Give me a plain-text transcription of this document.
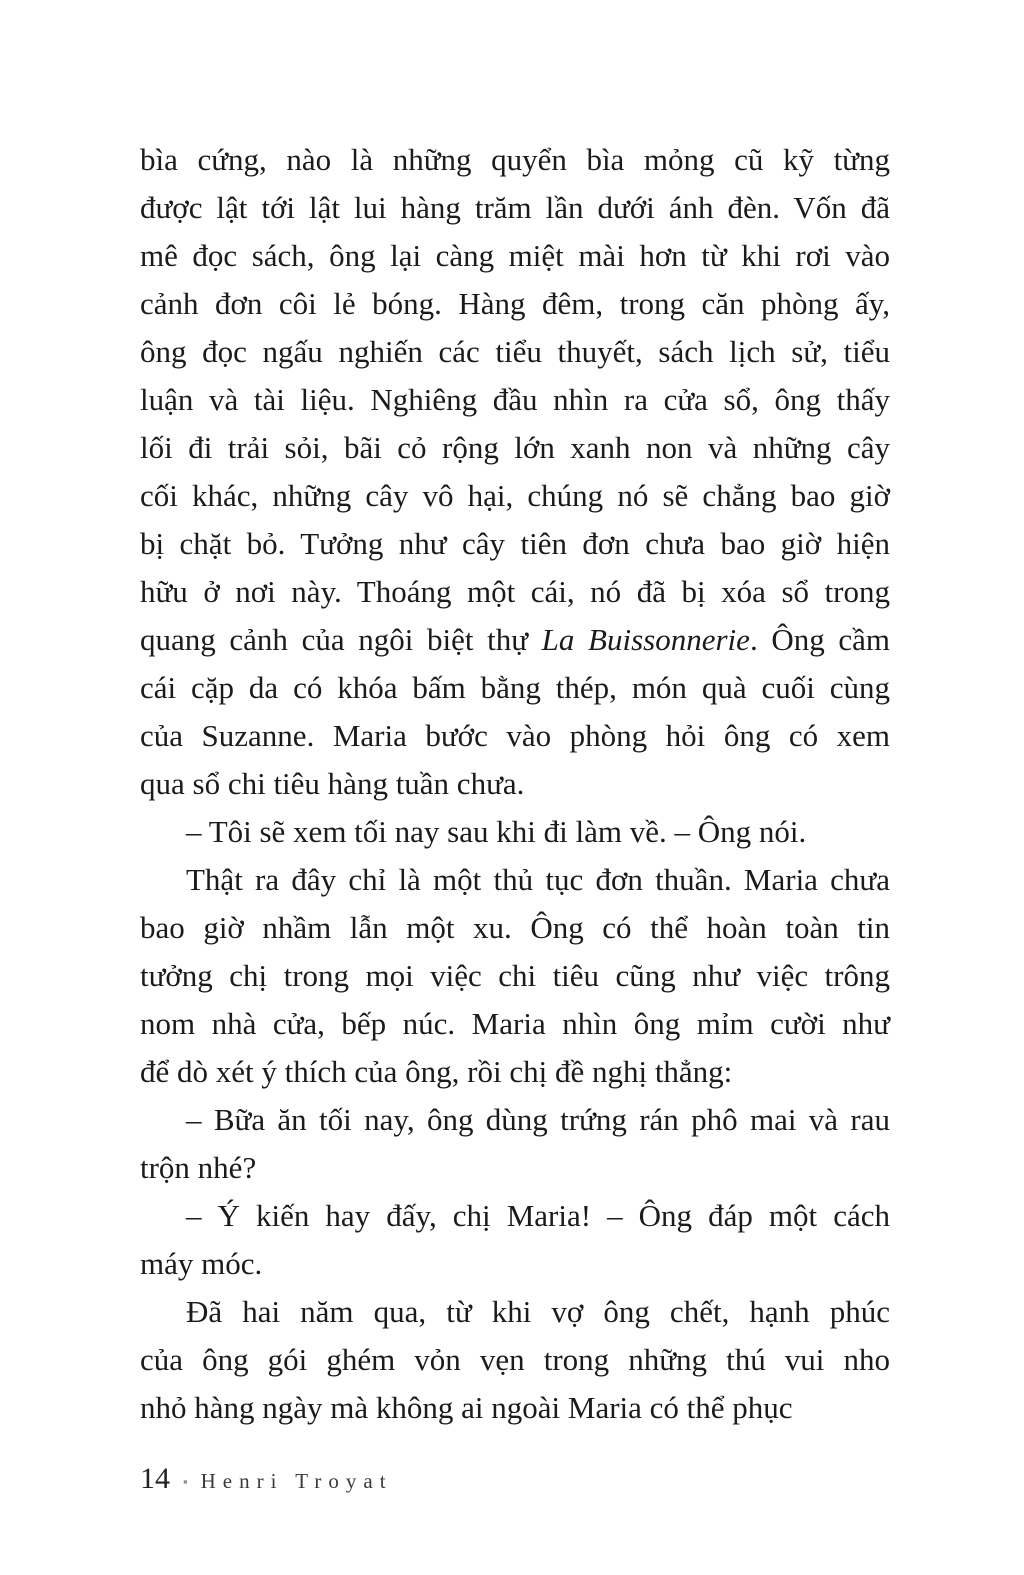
bìa cứng, nào là những quyển bìa mỏng cũ kỹ từng
được lật tới lật lui hàng trăm lần dưới ánh đèn. Vốn đã
mê đọc sách, ông lại càng miệt mài hơn từ khi rơi vào
cảnh đơn côi lẻ bóng. Hàng đêm, trong căn phòng ấy,
ông đọc ngấu nghiến các tiểu thuyết, sách lịch sử, tiểu
luận và tài liệu. Nghiêng đầu nhìn ra cửa sổ, ông thấy
lối đi trải sỏi, bãi cỏ rộng lớn xanh non và những cây
cối khác, những cây vô hại, chúng nó sẽ chẳng bao giờ
bị chặt bỏ. Tưởng như cây tiên đơn chưa bao giờ hiện
hữu ở nơi này. Thoáng một cái, nó đã bị xóa sổ trong
quang cảnh của ngôi biệt thự La Buissonnerie. Ông cầm
cái cặp da có khóa bấm bằng thép, món quà cuối cùng
của Suzanne. Maria bước vào phòng hỏi ông có xem
qua sổ chi tiêu hàng tuần chưa.
– Tôi sẽ xem tối nay sau khi đi làm về. – Ông nói.
Thật ra đây chỉ là một thủ tục đơn thuần. Maria chưa
bao giờ nhầm lẫn một xu. Ông có thể hoàn toàn tin
tưởng chị trong mọi việc chi tiêu cũng như việc trông
nom nhà cửa, bếp núc. Maria nhìn ông mỉm cười như
để dò xét ý thích của ông, rồi chị đề nghị thẳng:
– Bữa ăn tối nay, ông dùng trứng rán phô mai và rau
trộn nhé?
– Ý kiến hay đấy, chị Maria! – Ông đáp một cách
máy móc.
Đã hai năm qua, từ khi vợ ông chết, hạnh phúc
của ông gói ghém vỏn vẹn trong những thú vui nho
nhỏ hàng ngày mà không ai ngoài Maria có thể phục
14 ▪ Henri Troyat
